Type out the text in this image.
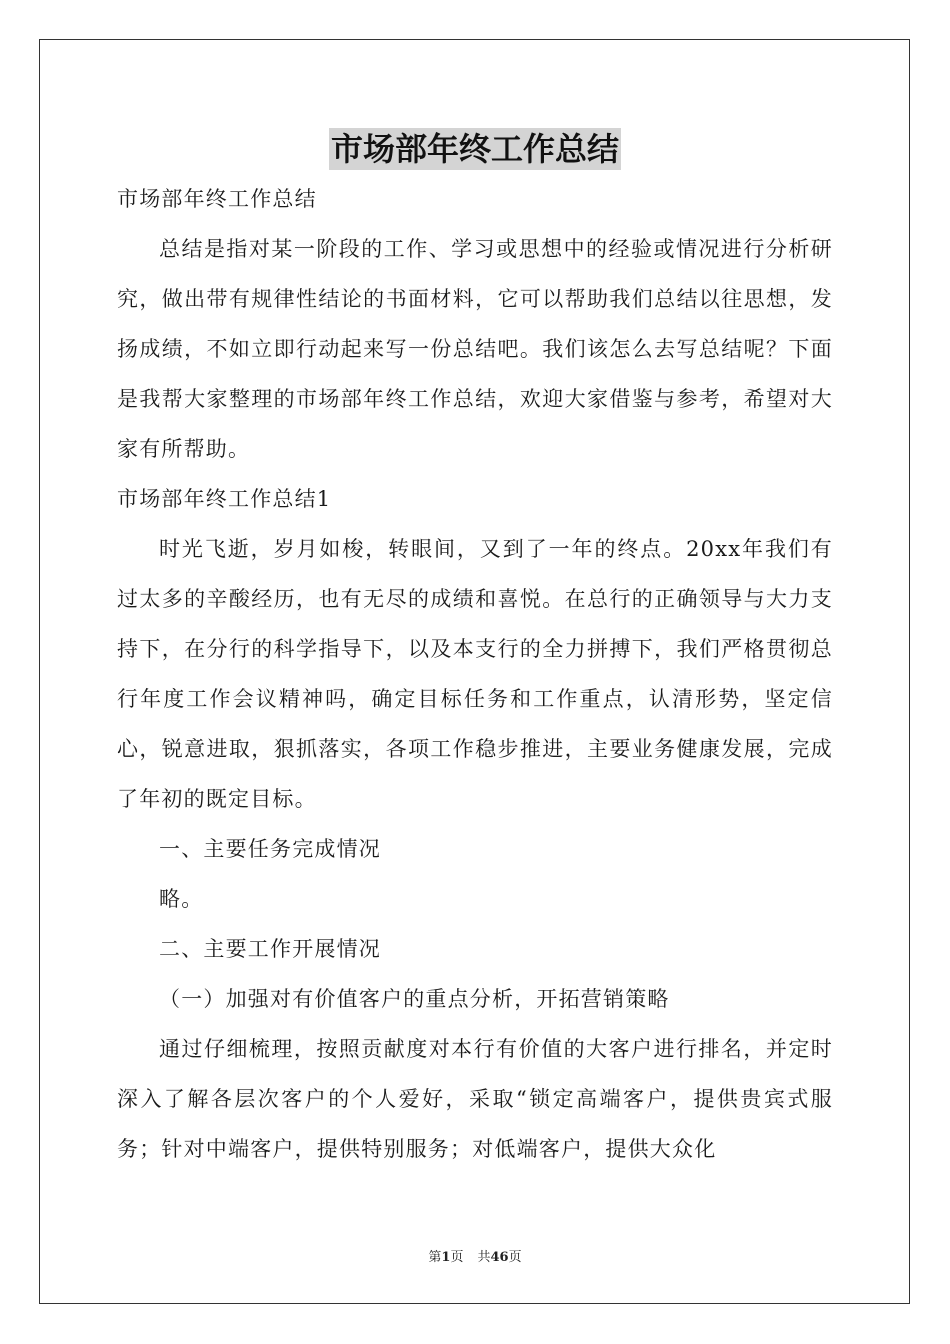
市场部年终工作总结

市场部年终工作总结

总结是指对某一阶段的工作、学习或思想中的经验或情况进行分析研究，做出带有规律性结论的书面材料，它可以帮助我们总结以往思想，发扬成绩，不如立即行动起来写一份总结吧。我们该怎么去写总结呢？下面是我帮大家整理的市场部年终工作总结，欢迎大家借鉴与参考，希望对大家有所帮助。

市场部年终工作总结1

时光飞逝，岁月如梭，转眼间，又到了一年的终点。20xx年我们有过太多的辛酸经历，也有无尽的成绩和喜悦。在总行的正确领导与大力支持下，在分行的科学指导下，以及本支行的全力拼搏下，我们严格贯彻总行年度工作会议精神吗，确定目标任务和工作重点，认清形势，坚定信心，锐意进取，狠抓落实，各项工作稳步推进，主要业务健康发展，完成了年初的既定目标。

一、主要任务完成情况

略。

二、主要工作开展情况

（一）加强对有价值客户的重点分析，开拓营销策略

通过仔细梳理，按照贡献度对本行有价值的大客户进行排名，并定时深入了解各层次客户的个人爱好，采取“锁定高端客户，提供贵宾式服务；针对中端客户，提供特别服务；对低端客户，提供大众化

第1页 共46页
